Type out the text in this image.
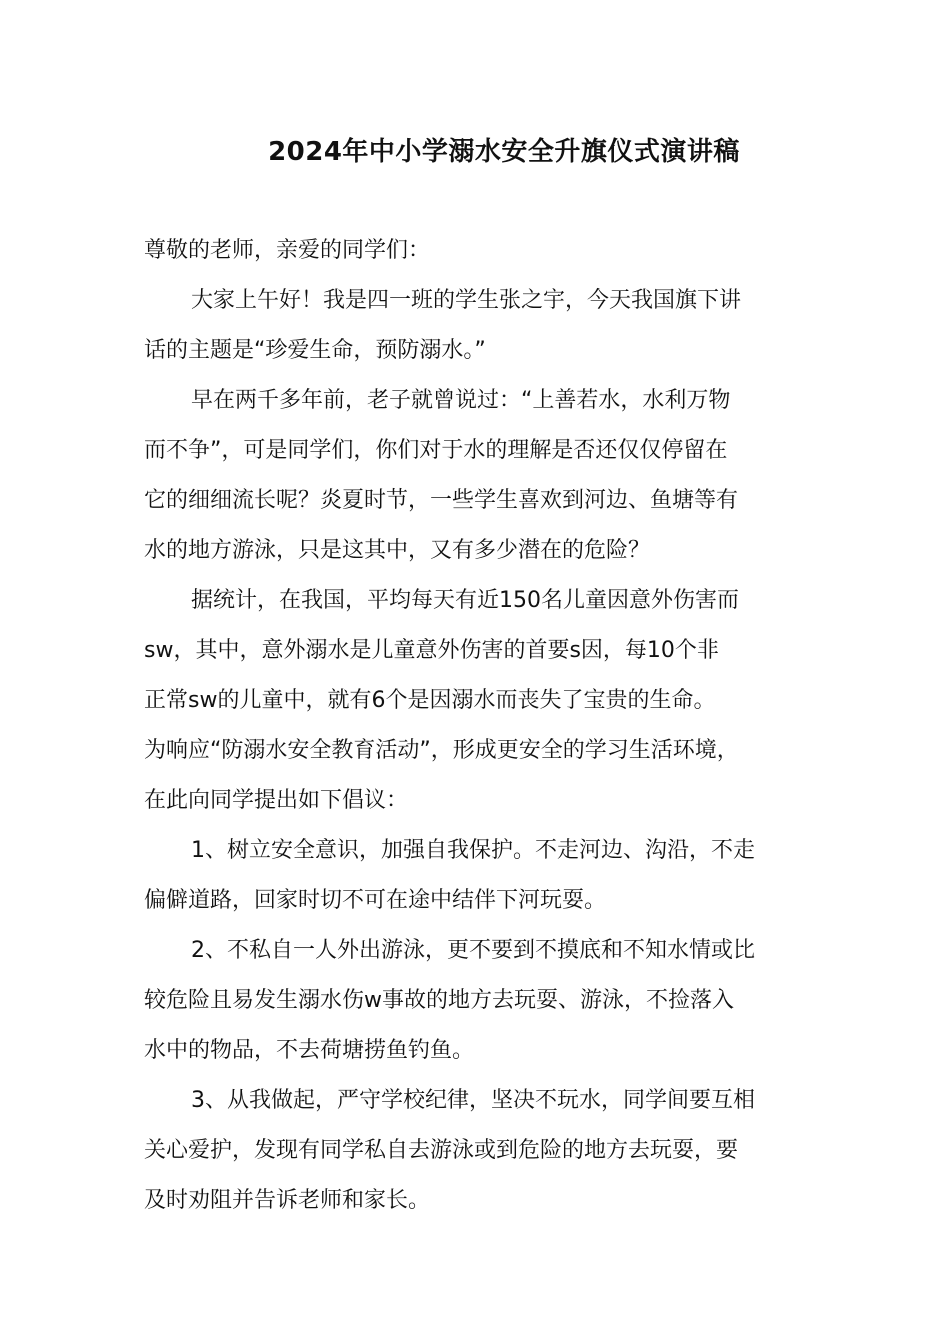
2024年中小学溺水安全升旗仪式演讲稿
尊敬的老师，亲爱的同学们：
大家上午好！我是四一班的学生张之宇，今天我国旗下讲
话的主题是“珍爱生命，预防溺水。”
早在两千多年前，老子就曾说过：“上善若水，水利万物
而不争”，可是同学们，你们对于水的理解是否还仅仅停留在
它的细细流长呢？炎夏时节，一些学生喜欢到河边、鱼塘等有
水的地方游泳，只是这其中，又有多少潜在的危险？
据统计，在我国，平均每天有近150名儿童因意外伤害而
sw，其中，意外溺水是儿童意外伤害的首要s因，每10个非
正常sw的儿童中，就有6个是因溺水而丧失了宝贵的生命。
为响应“防溺水安全教育活动”，形成更安全的学习生活环境，
在此向同学提出如下倡议：
1、树立安全意识，加强自我保护。不走河边、沟沿，不走
偏僻道路，回家时切不可在途中结伴下河玩耍。
2、不私自一人外出游泳，更不要到不摸底和不知水情或比
较危险且易发生溺水伤w事故的地方去玩耍、游泳，不捡落入
水中的物品，不去荷塘捞鱼钓鱼。
3、从我做起，严守学校纪律，坚决不玩水，同学间要互相
关心爱护，发现有同学私自去游泳或到危险的地方去玩耍，要
及时劝阻并告诉老师和家长。
